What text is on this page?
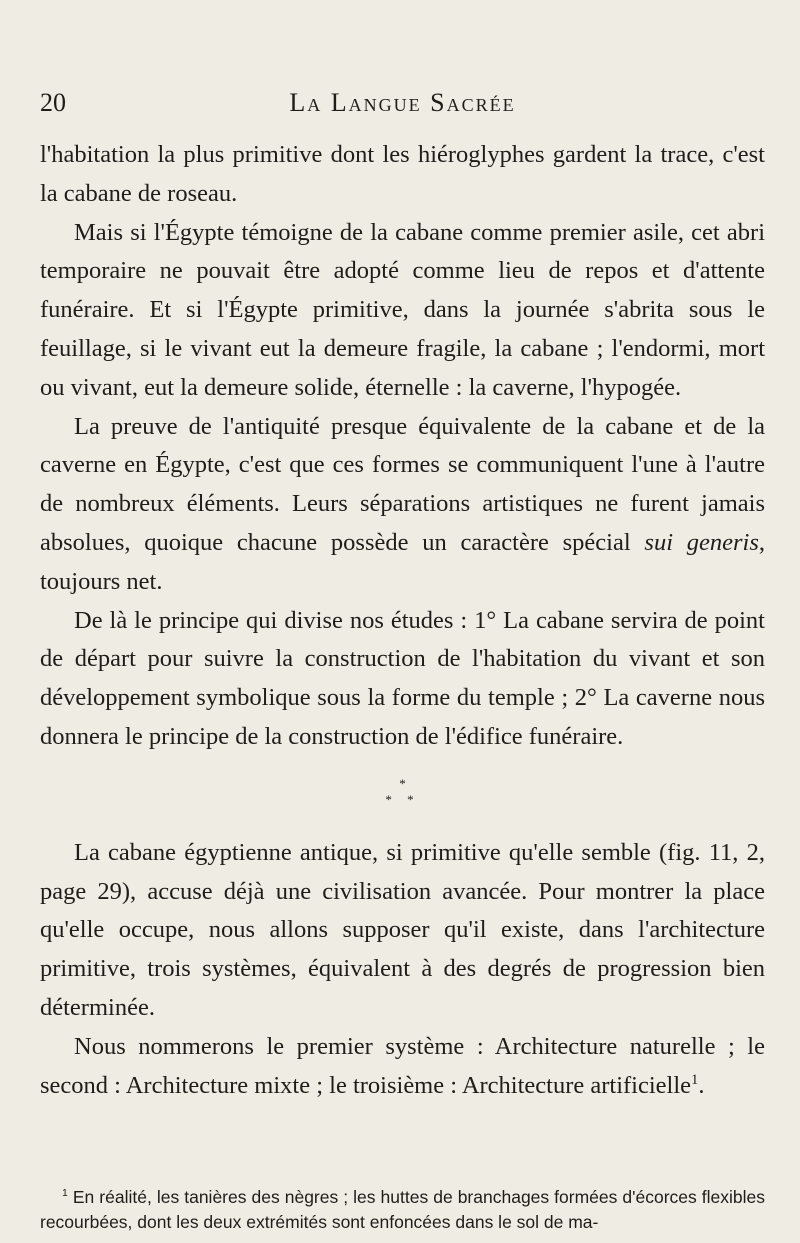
20	La Langue Sacrée

l'habitation la plus primitive dont les hiéroglyphes gardent la trace, c'est la cabane de roseau.

Mais si l'Égypte témoigne de la cabane comme premier asile, cet abri temporaire ne pouvait être adopté comme lieu de repos et d'attente funéraire. Et si l'Égypte primitive, dans la journée s'abrita sous le feuillage, si le vivant eut la demeure fragile, la cabane ; l'endormi, mort ou vivant, eut la demeure solide, éternelle : la caverne, l'hypogée.

La preuve de l'antiquité presque équivalente de la cabane et de la caverne en Égypte, c'est que ces formes se communiquent l'une à l'autre de nombreux éléments. Leurs séparations artistiques ne furent jamais absolues, quoique chacune possède un caractère spécial sui generis, toujours net.

De là le principe qui divise nos études : 1° La cabane servira de point de départ pour suivre la construction de l'habitation du vivant et son développement symbolique sous la forme du temple ; 2° La caverne nous donnera le principe de la construction de l'édifice funéraire.

*
* *

La cabane égyptienne antique, si primitive qu'elle semble (fig. 11, 2, page 29), accuse déjà une civilisation avancée. Pour montrer la place qu'elle occupe, nous allons supposer qu'il existe, dans l'architecture primitive, trois systèmes, équivalent à des degrés de progression bien déterminée.

Nous nommerons le premier système : Architecture naturelle ; le second : Architecture mixte ; le troisième : Architecture artificielle$^1$.

$^1$ En réalité, les tanières des nègres ; les huttes de branchages formées d'écorces flexibles recourbées, dont les deux extrémités sont enfoncées dans le sol de ma-
